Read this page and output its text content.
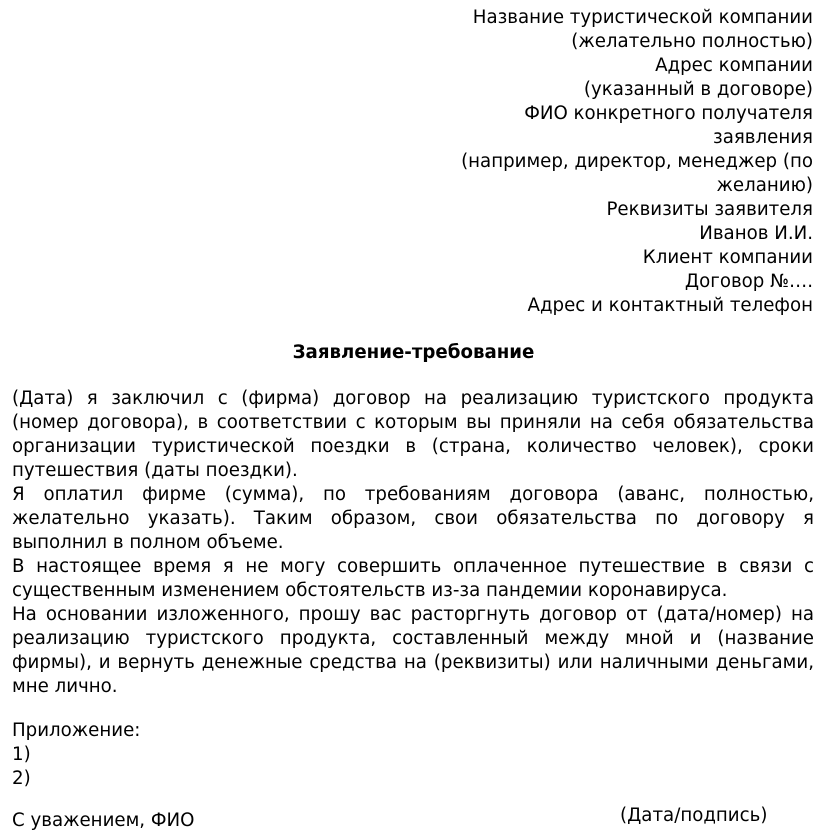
Название туристической компании
(желательно полностью)
Адрес компании
(указанный в договоре)
ФИО конкретного получателя
заявления
(например, директор, менеджер (по
желанию)
Реквизиты заявителя
Иванов И.И.
Клиент компании
Договор №….
Адрес и контактный телефон
Заявление-требование

(Дата) я заключил с (фирма) договор на реализацию туристского продукта (номер договора), в соответствии с которым вы приняли на себя обязательства организации туристической поездки в (страна, количество человек), сроки путешествия (даты поездки).

Я оплатил фирме (сумма), по требованиям договора (аванс, полностью, желательно указать). Таким образом, свои обязательства по договору я выполнил в полном объеме.

В настоящее время я не могу совершить оплаченное путешествие в связи с существенным изменением обстоятельств из-за пандемии коронавируса.

На основании изложенного, прошу вас расторгнуть договор от (дата/номер) на реализацию туристского продукта, составленный между мной и (название фирмы), и вернуть денежные средства на (реквизиты) или наличными деньгами, мне лично.

Приложение:
1)
2)
С уважением, ФИО	(Дата/подпись)
